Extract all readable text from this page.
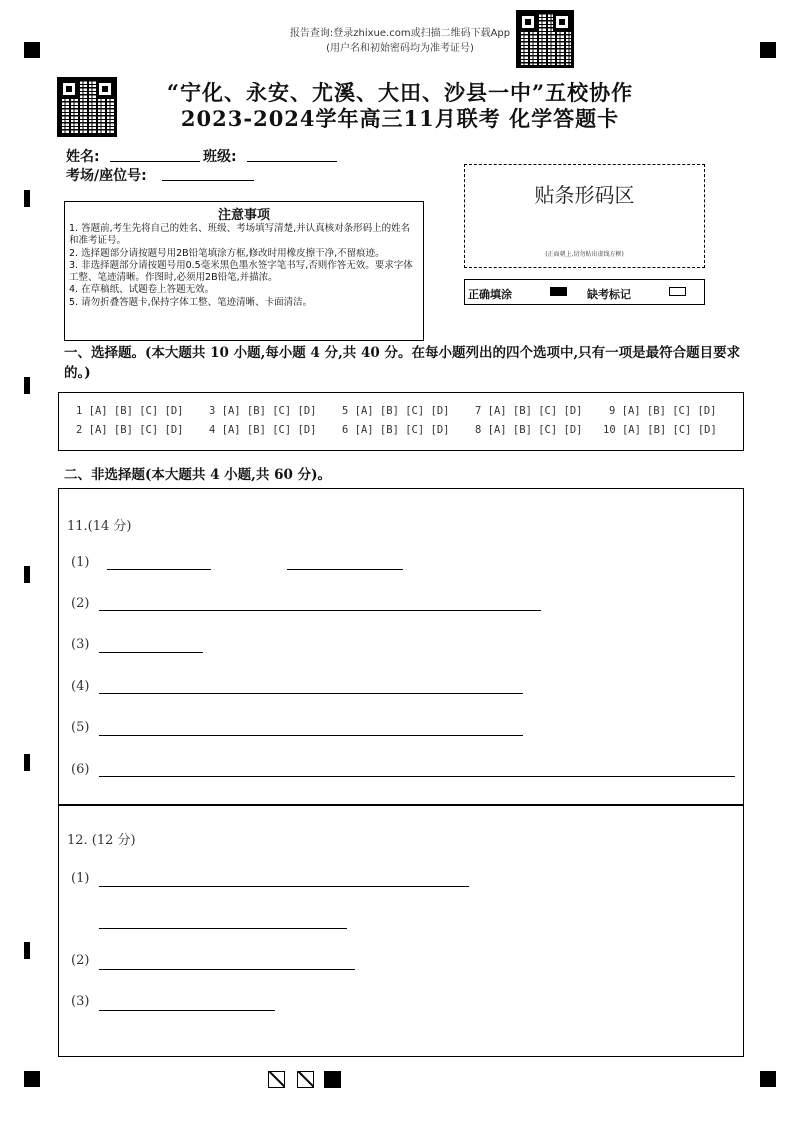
报告查询:登录zhixue.com或扫描二维码下载App
(用户名和初始密码均为准考证号)
“宁化、永安、尤溪、大田、沙县一中”五校协作
2023-2024学年高三11月联考 化学答题卡
姓名:	班级:
考场/座位号:
注意事项

1. 答题前,考生先将自己的姓名、班级、考场填写清楚,并认真核对条形码上的姓名和准考证号。

2. 选择题部分请按题号用2B铅笔填涂方框,修改时用橡皮擦干净,不留痕迹。

3. 非选择题部分请按题号用0.5毫米黑色墨水签字笔书写,否则作答无效。要求字体工整、笔迹清晰。作图时,必须用2B铅笔,并描浓。

4. 在草稿纸、试题卷上答题无效。

5. 请勿折叠答题卡,保持字体工整、笔迹清晰、卡面清洁。

贴条形码区
(正面朝上,切勿贴出虚线方框)
正确填涂	缺考标记
一、选择题。(本大题共 10 小题,每小题 4 分,共 40 分。在每小题列出的四个选项中,只有一项是最符合题目要求的。)
1 [A] [B] [C] [D] 3 [A] [B] [C] [D] 5 [A] [B] [C] [D] 7 [A] [B] [C] [D]	9 [A] [B] [C] [D]
2 [A] [B] [C] [D] 4 [A] [B] [C] [D] 6 [A] [B] [C] [D] 8 [A] [B] [C] [D] 10 [A] [B] [C] [D]
二、非选择题(本大题共 4 小题,共 60 分)。
11.(14 分)
(1)
(2)
(3)
(4)
(5)
(6)
12. (12 分)
(1)
(2)
(3)
